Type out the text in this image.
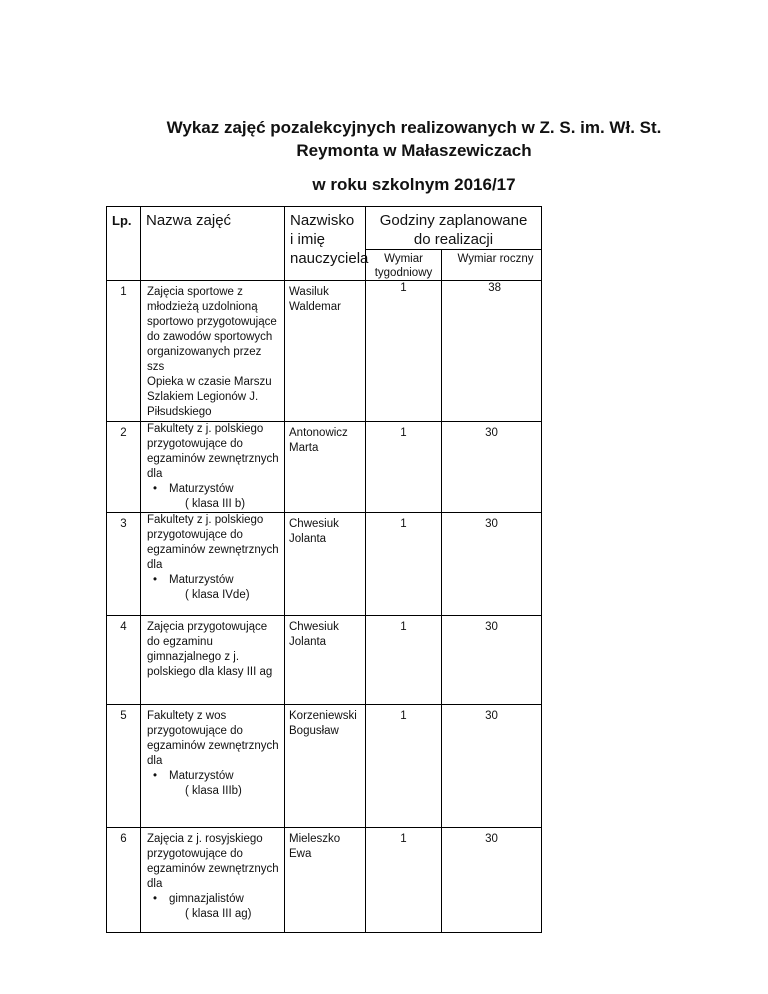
Wykaz zajęć pozalekcyjnych realizowanych w Z. S. im. Wł. St.
Reymonta w Małaszewiczach
w roku szkolnym 2016/17
Lp.	Nazwa zajęć	Nazwisko i imię nauczyciela	Godziny zaplanowane do realizacji	
			Wymiar tygodniowy	Wymiar roczny
1	Zajęcia sportowe z młodzieżą uzdolnioną sportowo przygotowujące do zawodów sportowych organizowanych przez szs
Opieka w czasie Marszu Szlakiem Legionów J. Piłsudskiego	Wasiluk Waldemar	1	38
2	Fakultety z j. polskiego przygotowujące do egzaminów zewnętrznych dla
• Maturzystów
( klasa III b)	Antonowicz Marta	1	30
3	Fakultety z j. polskiego przygotowujące do egzaminów zewnętrznych dla
• Maturzystów
( klasa IVde)	Chwesiuk Jolanta	1	30
4	Zajęcia przygotowujące do egzaminu gimnazjalnego z j. polskiego dla klasy III ag	Chwesiuk Jolanta	1	30
5	Fakultety z wos przygotowujące do egzaminów zewnętrznych dla
• Maturzystów
( klasa IIIb)	Korzeniewski Bogusław	1	30
6	Zajęcia z j. rosyjskiego przygotowujące do egzaminów zewnętrznych dla
• gimnazjalistów
( klasa III ag)	Mieleszko Ewa	1	30
